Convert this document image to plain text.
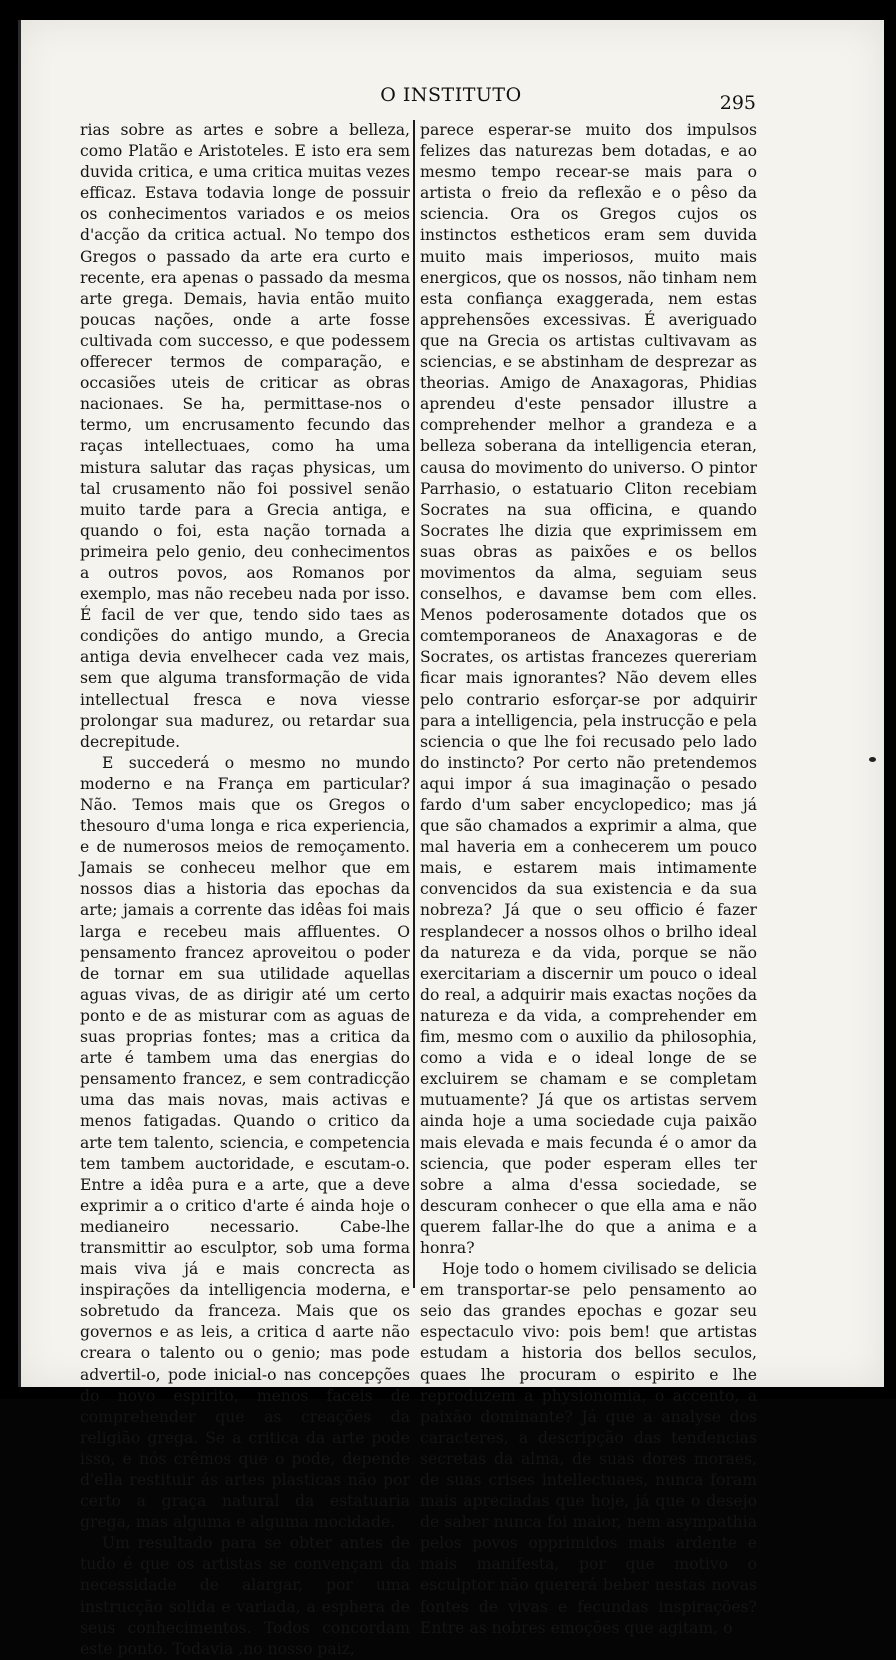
O INSTITUTO	295

rias sobre as artes e sobre a belleza, como Platão e Aristoteles. E isto era sem duvida critica, e uma critica muitas vezes efficaz. Estava todavia longe de possuir os conhecimentos variados e os meios d'acção da critica actual. No tempo dos Gregos o passado da arte era curto e recente, era apenas o passado da mesma arte grega. Demais, havia então muito poucas nações, onde a arte fosse cultivada com successo, e que podessem offerecer termos de comparação, e occasiões uteis de criticar as obras nacionaes. Se ha, permittase-nos o termo, um encrusamento fecundo das raças intellectuaes, como ha uma mistura salutar das raças physicas, um tal crusamento não foi possivel senão muito tarde para a Grecia antiga, e quando o foi, esta nação tornada a primeira pelo genio, deu conhecimentos a outros povos, aos Romanos por exemplo, mas não recebeu nada por isso. É facil de ver que, tendo sido taes as condições do antigo mundo, a Grecia antiga devia envelhecer cada vez mais, sem que alguma transformação de vida intellectual fresca e nova viesse prolongar sua madurez, ou retardar sua decrepitude.

E succederá o mesmo no mundo moderno e na França em particular? Não. Temos mais que os Gregos o thesouro d'uma longa e rica experiencia, e de numerosos meios de remoçamento. Jamais se conheceu melhor que em nossos dias a historia das epochas da arte; jamais a corrente das idêas foi mais larga e recebeu mais affluentes. O pensamento francez aproveitou o poder de tornar em sua utilidade aquellas aguas vivas, de as dirigir até um certo ponto e de as misturar com as aguas de suas proprias fontes; mas a critica da arte é tambem uma das energias do pensamento francez, e sem contradicção uma das mais novas, mais activas e menos fatigadas. Quando o critico da arte tem talento, sciencia, e competencia tem tambem auctoridade, e escutam-o. Entre a idêa pura e a arte, que a deve exprimir a o critico d'arte é ainda hoje o medianeiro necessario. Cabe-lhe transmittir ao esculptor, sob uma forma mais viva já e mais concrecta as inspirações da intelligencia moderna, e sobretudo da franceza. Mais que os governos e as leis, a critica d aarte não creara o talento ou o genio; mas pode advertil-o, pode inicial-o nas concepções do novo espirito, menos faceis de comprehender que as creações da religião grega. Se a critica da arte pode isso, e nós crêmos que o pode, depende d'ella restituir ás artes plasticas não por certo a graça natural da estatuaria grega, mas alguma e alguma mocidade.

Um resultado para se obter antes de tudo é que os artistas se convençam da necessidade de alargar, por uma instrucção solida e variada, a esphera de seus conhecimentos. Todos concordam este ponto. Todavia ,no nosso paiz,

parece esperar-se muito dos impulsos felizes das naturezas bem dotadas, e ao mesmo tempo recear-se mais para o artista o freio da reflexão e o pêso da sciencia. Ora os Gregos cujos os instinctos estheticos eram sem duvida muito mais imperiosos, muito mais energicos, que os nossos, não tinham nem esta confiança exaggerada, nem estas apprehensões excessivas. É averiguado que na Grecia os artistas cultivavam as sciencias, e se abstinham de desprezar as theorias. Amigo de Anaxagoras, Phidias aprendeu d'este pensador illustre a comprehender melhor a grandeza e a belleza soberana da intelligencia eteran, causa do movimento do universo. O pintor Parrhasio, o estatuario Cliton recebiam Socrates na sua officina, e quando Socrates lhe dizia que exprimissem em suas obras as paixões e os bellos movimentos da alma, seguiam seus conselhos, e davamse bem com elles. Menos poderosamente dotados que os comtemporaneos de Anaxagoras e de Socrates, os artistas francezes quereriam ficar mais ignorantes? Não devem elles pelo contrario esforçar-se por adquirir para a intelligencia, pela instrucção e pela sciencia o que lhe foi recusado pelo lado do instincto? Por certo não pretendemos aqui impor á sua imaginação o pesado fardo d'um saber encyclopedico; mas já que são chamados a exprimir a alma, que mal haveria em a conhecerem um pouco mais, e estarem mais intimamente convencidos da sua existencia e da sua nobreza? Já que o seu officio é fazer resplandecer a nossos olhos o brilho ideal da natureza e da vida, porque se não exercitariam a discernir um pouco o ideal do real, a adquirir mais exactas noções da natureza e da vida, a comprehender em fim, mesmo com o auxilio da philosophia, como a vida e o ideal longe de se excluirem se chamam e se completam mutuamente? Já que os artistas servem ainda hoje a uma sociedade cuja paixão mais elevada e mais fecunda é o amor da sciencia, que poder esperam elles ter sobre a alma d'essa sociedade, se descuram conhecer o que ella ama e não querem fallar-lhe do que a anima e a honra?

Hoje todo o homem civilisado se delicia em transportar-se pelo pensamento ao seio das grandes epochas e gozar seu espectaculo vivo: pois bem! que artistas estudam a historia dos bellos seculos, quaes lhe procuram o espirito e lhe reproduzem a physionomia, o accento, a paixão dominante? Já que a analyse dos caracteres, a descripção das tendencias secretas da alma, de suas dores moraes, de suas crises intellectuaes, nunca foram mais apreciadas que hoje, já que o desejo de saber nunca foi maior, nem asympathia pelos povos opprimidos mais ardente e mais manifesta, por que motivo o esculptor não quererá beber nestas novas fontes de vivas e fecundas inspirações? Entre as nobres emoções que agitam, o
